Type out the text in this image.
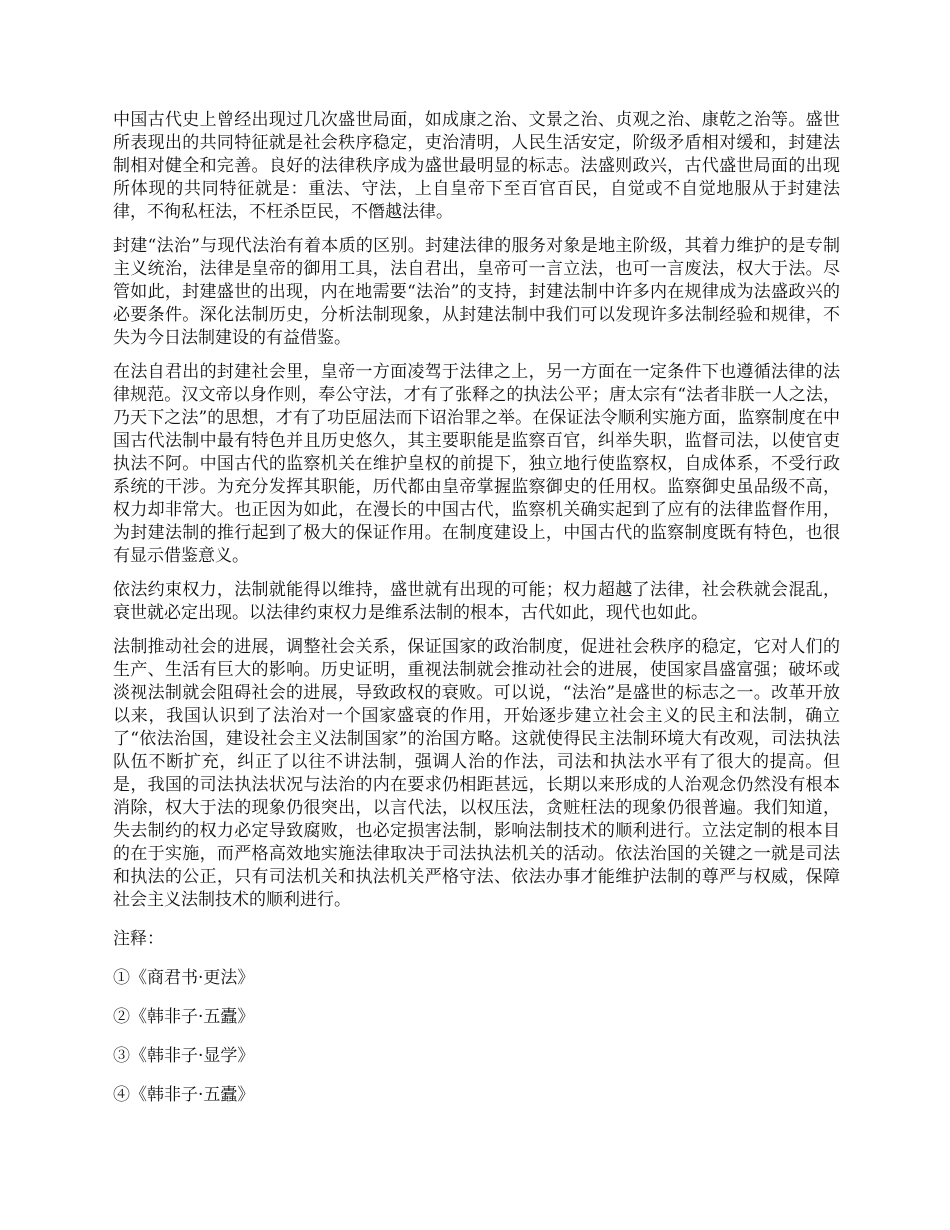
中国古代史上曾经出现过几次盛世局面，如成康之治、文景之治、贞观之治、康乾之治等。盛世所表现出的共同特征就是社会秩序稳定，吏治清明，人民生活安定，阶级矛盾相对缓和，封建法制相对健全和完善。良好的法律秩序成为盛世最明显的标志。法盛则政兴，古代盛世局面的出现所体现的共同特征就是：重法、守法，上自皇帝下至百官百民，自觉或不自觉地服从于封建法律，不徇私枉法，不枉杀臣民，不僭越法律。

封建“法治”与现代法治有着本质的区别。封建法律的服务对象是地主阶级，其着力维护的是专制主义统治，法律是皇帝的御用工具，法自君出，皇帝可一言立法，也可一言废法，权大于法。尽管如此，封建盛世的出现，内在地需要“法治”的支持，封建法制中许多内在规律成为法盛政兴的必要条件。深化法制历史，分析法制现象，从封建法制中我们可以发现许多法制经验和规律，不失为今日法制建设的有益借鉴。

在法自君出的封建社会里，皇帝一方面凌驾于法律之上，另一方面在一定条件下也遵循法律的法律规范。汉文帝以身作则，奉公守法，才有了张释之的执法公平；唐太宗有“法者非朕一人之法，乃天下之法”的思想，才有了功臣屈法而下诏治罪之举。在保证法令顺利实施方面，监察制度在中国古代法制中最有特色并且历史悠久，其主要职能是监察百官，纠举失职，监督司法，以使官吏执法不阿。中国古代的监察机关在维护皇权的前提下，独立地行使监察权，自成体系，不受行政系统的干涉。为充分发挥其职能，历代都由皇帝掌握监察御史的任用权。监察御史虽品级不高，权力却非常大。也正因为如此，在漫长的中国古代，监察机关确实起到了应有的法律监督作用，为封建法制的推行起到了极大的保证作用。在制度建设上，中国古代的监察制度既有特色，也很有显示借鉴意义。

依法约束权力，法制就能得以维持，盛世就有出现的可能；权力超越了法律，社会秩就会混乱，衰世就必定出现。以法律约束权力是维系法制的根本，古代如此，现代也如此。

法制推动社会的进展，调整社会关系，保证国家的政治制度，促进社会秩序的稳定，它对人们的生产、生活有巨大的影响。历史证明，重视法制就会推动社会的进展，使国家昌盛富强；破坏或淡视法制就会阻碍社会的进展，导致政权的衰败。可以说，“法治”是盛世的标志之一。改革开放以来，我国认识到了法治对一个国家盛衰的作用，开始逐步建立社会主义的民主和法制，确立了“依法治国，建设社会主义法制国家”的治国方略。这就使得民主法制环境大有改观，司法执法队伍不断扩充，纠正了以往不讲法制，强调人治的作法，司法和执法水平有了很大的提高。但是，我国的司法执法状况与法治的内在要求仍相距甚远，长期以来形成的人治观念仍然没有根本消除，权大于法的现象仍很突出，以言代法，以权压法，贪赃枉法的现象仍很普遍。我们知道，失去制约的权力必定导致腐败，也必定损害法制，影响法制技术的顺利进行。立法定制的根本目的在于实施，而严格高效地实施法律取决于司法执法机关的活动。依法治国的关键之一就是司法和执法的公正，只有司法机关和执法机关严格守法、依法办事才能维护法制的尊严与权威，保障社会主义法制技术的顺利进行。

注释：

①《商君书·更法》

②《韩非子·五蠹》

③《韩非子·显学》

④《韩非子·五蠹》
